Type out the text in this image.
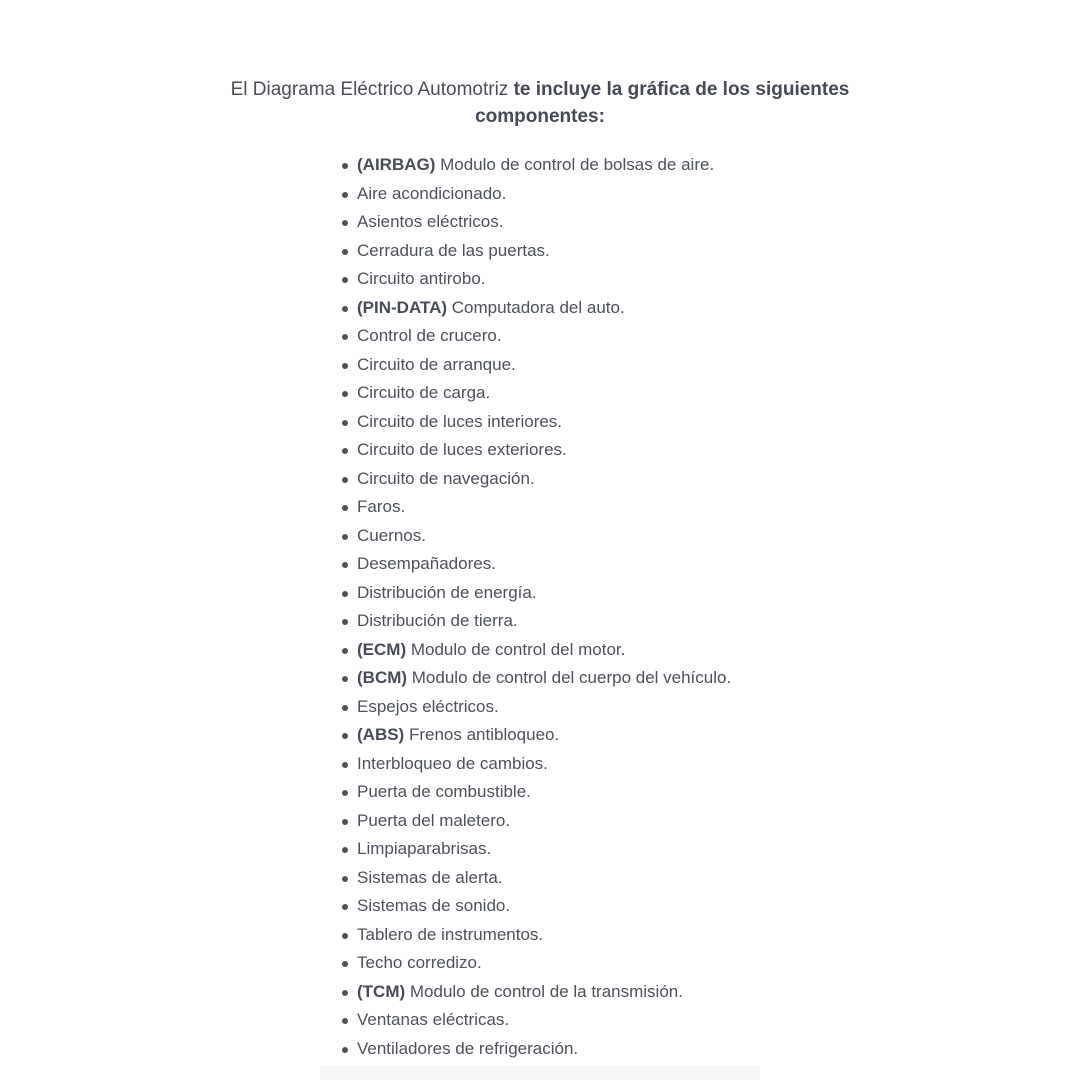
El Diagrama Eléctrico Automotriz te incluye la gráfica de los siguientes componentes:
(AIRBAG) Modulo de control de bolsas de aire.
Aire acondicionado.
Asientos eléctricos.
Cerradura de las puertas.
Circuito antirobo.
(PIN-DATA) Computadora del auto.
Control de crucero.
Circuito de arranque.
Circuito de carga.
Circuito de luces interiores.
Circuito de luces exteriores.
Circuito de navegación.
Faros.
Cuernos.
Desempañadores.
Distribución de energía.
Distribución de tierra.
(ECM) Modulo de control del motor.
(BCM) Modulo de control del cuerpo del vehículo.
Espejos eléctricos.
(ABS) Frenos antibloqueo.
Interbloqueo de cambios.
Puerta de combustible.
Puerta del maletero.
Limpiaparabrisas.
Sistemas de alerta.
Sistemas de sonido.
Tablero de instrumentos.
Techo corredizo.
(TCM) Modulo de control de la transmisión.
Ventanas eléctricas.
Ventiladores de refrigeración.
